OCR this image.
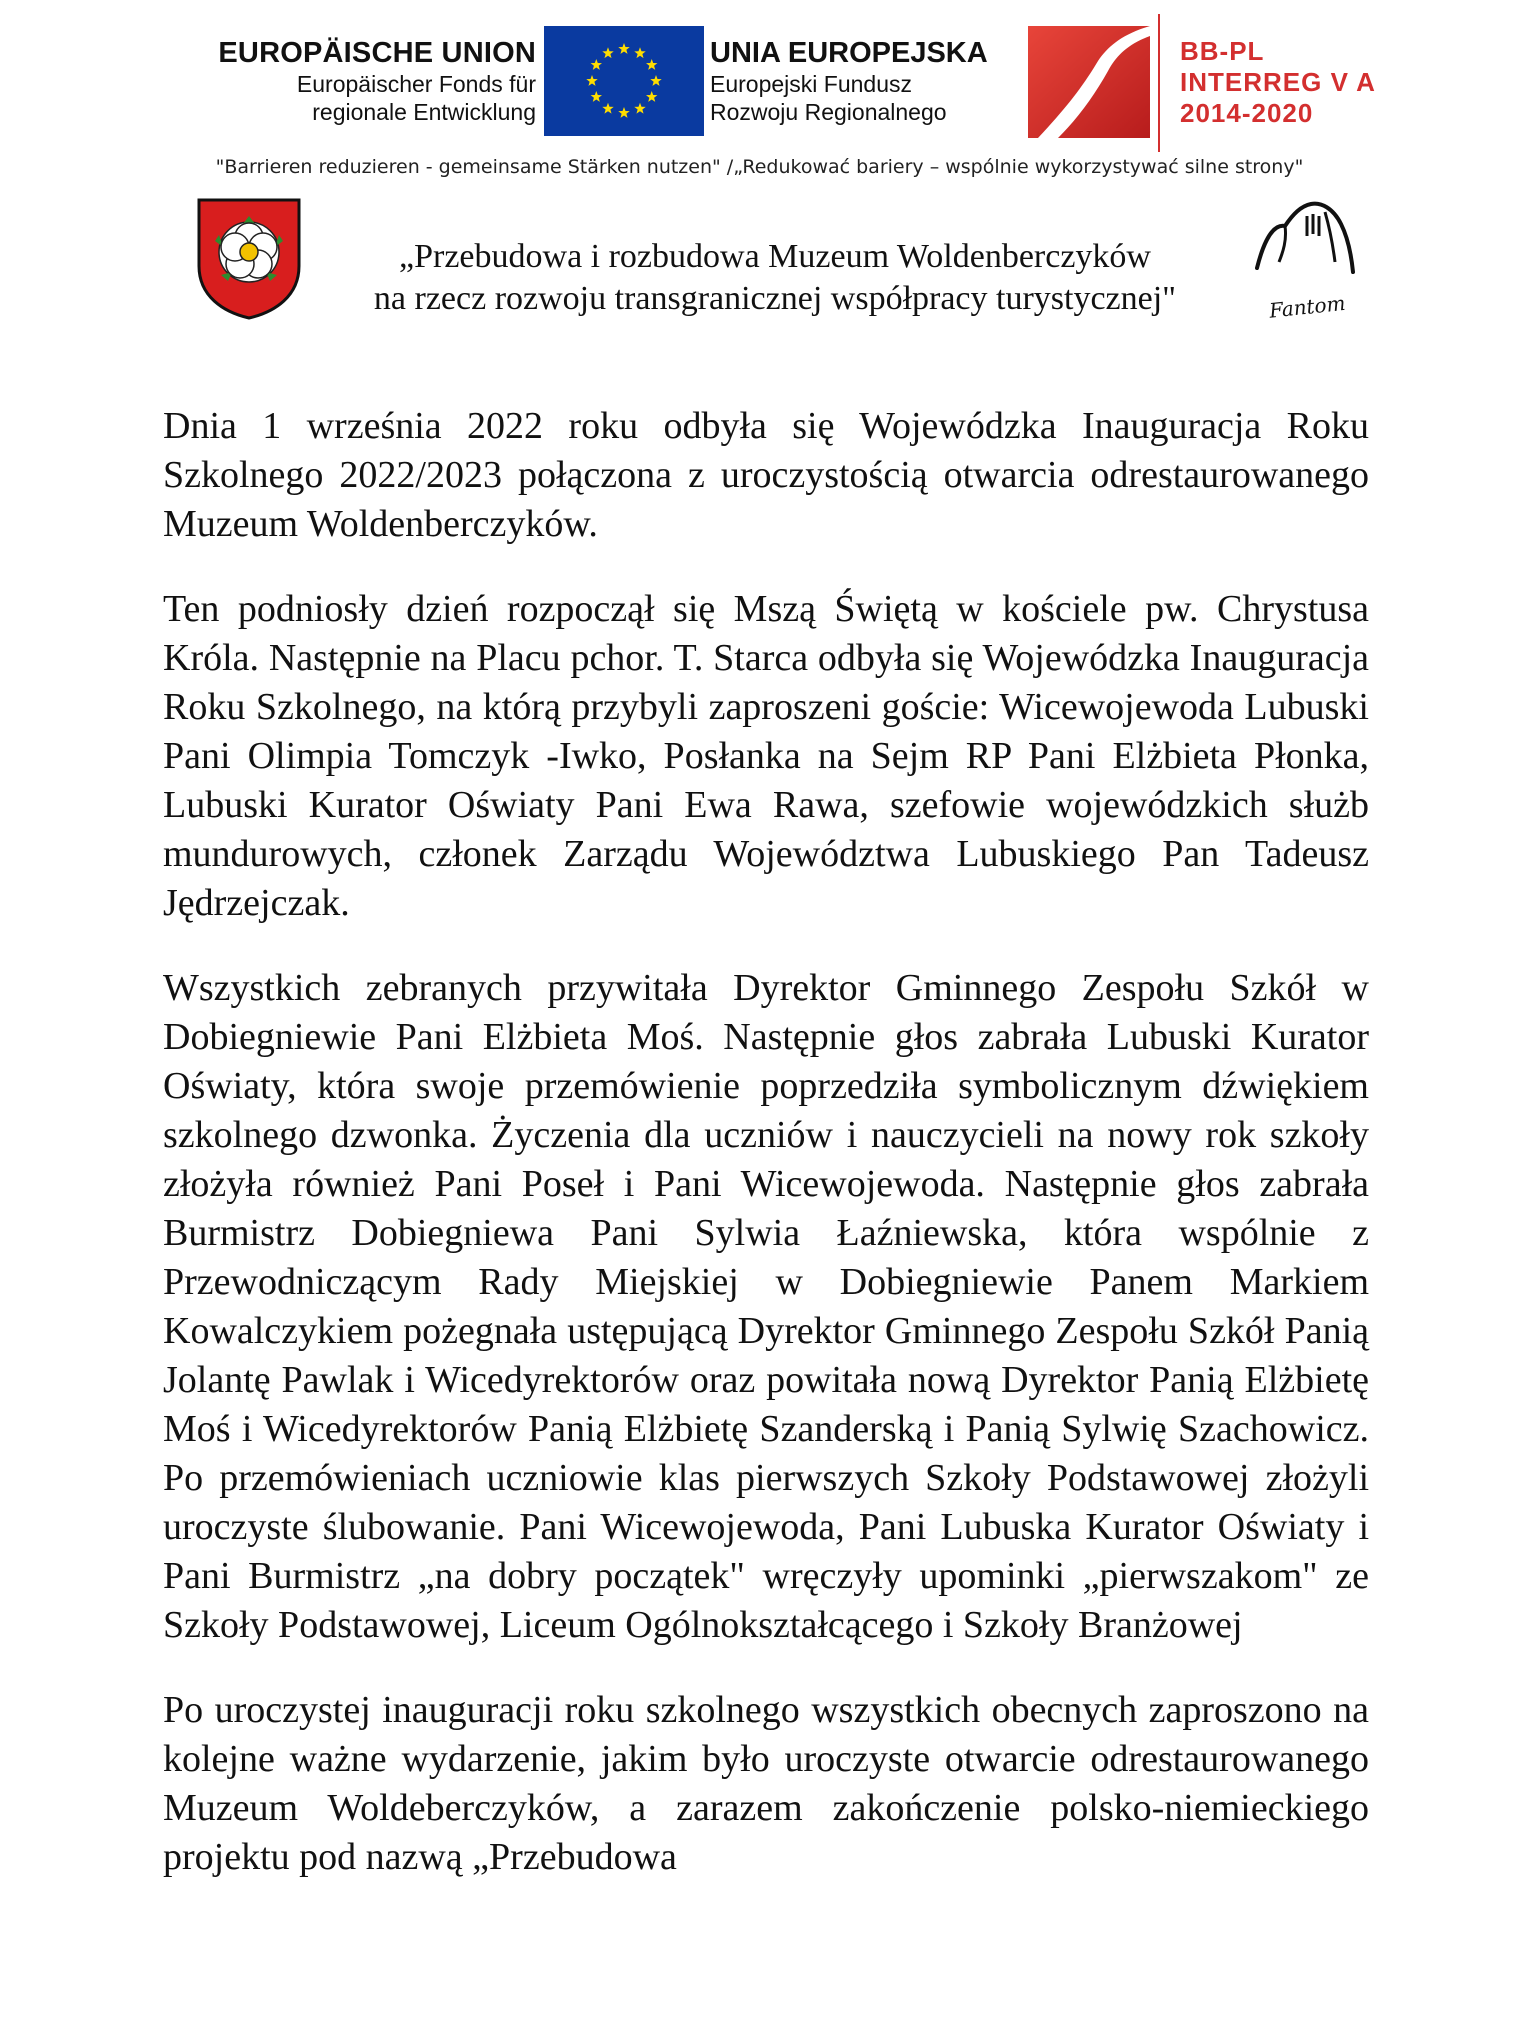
EUROPÄISCHE UNION
Europäischer Fonds für
regionale Entwicklung
UNIA EUROPEJSKA
Europejski Fundusz
Rozwoju Regionalnego
BB-PL
INTERREG V A
2014-2020
"Barrieren reduzieren - gemeinsame Stärken nutzen" /„Redukować bariery – wspólnie wykorzystywać silne strony"
„Przebudowa i rozbudowa Muzeum Woldenberczyków
na rzecz rozwoju transgranicznej współpracy turystycznej"	Fantom

Dnia 1 września 2022 roku odbyła się Wojewódzka Inauguracja Roku Szkolnego 2022/2023 połączona z uroczystością otwarcia odrestaurowanego Muzeum Woldenberczyków.

Ten podniosły dzień rozpoczął się Mszą Świętą w kościele pw. Chrystusa Króla. Następnie na Placu pchor. T. Starca odbyła się Wojewódzka Inauguracja Roku Szkolnego, na którą przybyli zaproszeni goście: Wicewojewoda Lubuski Pani Olimpia Tomczyk -Iwko, Posłanka na Sejm RP Pani Elżbieta Płonka, Lubuski Kurator Oświaty Pani Ewa Rawa, szefowie wojewódzkich służb mundurowych, członek Zarządu Województwa Lubuskiego Pan Tadeusz Jędrzejczak.

Wszystkich zebranych przywitała Dyrektor Gminnego Zespołu Szkół w Dobiegniewie Pani Elżbieta Moś. Następnie głos zabrała Lubuski Kurator Oświaty, która swoje przemówienie poprzedziła symbolicznym dźwiękiem szkolnego dzwonka. Życzenia dla uczniów i nauczycieli na nowy rok szkoły złożyła również Pani Poseł i Pani Wicewojewoda. Następnie głos zabrała Burmistrz Dobiegniewa Pani Sylwia Łaźniewska, która wspólnie z Przewodniczącym Rady Miejskiej w Dobiegniewie Panem Markiem Kowalczykiem pożegnała ustępującą Dyrektor Gminnego Zespołu Szkół Panią Jolantę Pawlak i Wicedyrektorów oraz powitała nową Dyrektor Panią Elżbietę Moś i Wicedyrektorów Panią Elżbietę Szanderską i Panią Sylwię Szachowicz. Po przemówieniach uczniowie klas pierwszych Szkoły Podstawowej złożyli uroczyste ślubowanie. Pani Wicewojewoda, Pani Lubuska Kurator Oświaty i Pani Burmistrz „na dobry początek" wręczyły upominki „pierwszakom" ze Szkoły Podstawowej, Liceum Ogólnokształcącego i Szkoły Branżowej

Po uroczystej inauguracji roku szkolnego wszystkich obecnych zaproszono na kolejne ważne wydarzenie, jakim było uroczyste otwarcie odrestaurowanego Muzeum Woldeberczyków, a zarazem zakończenie polsko-niemieckiego projektu pod nazwą „Przebudowa
